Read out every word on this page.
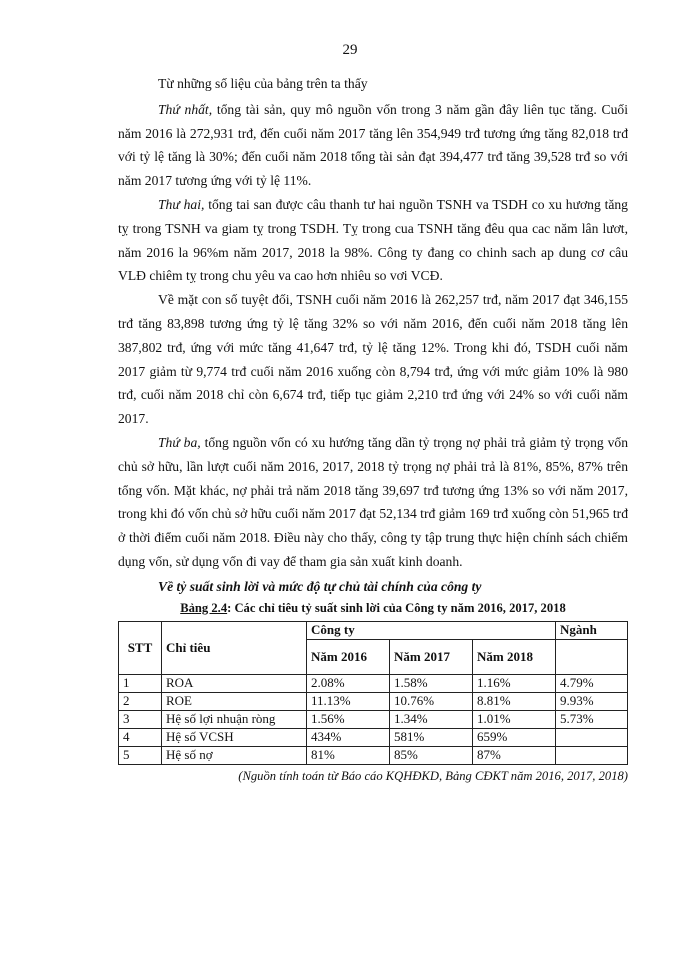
29

Từ những số liệu của bảng trên ta thấy

Thứ nhất, tổng tài sản, quy mô nguồn vốn trong 3 năm gần đây liên tục tăng. Cuối năm 2016 là 272,931 trđ, đến cuối năm 2017 tăng lên 354,949 trđ tương ứng tăng 82,018 trđ với tỷ lệ tăng là 30%; đến cuối năm 2018 tổng tài sản đạt 394,477 trđ tăng 39,528 trđ so với năm 2017 tương ứng với tỷ lệ 11%.

Thư hai, tổng tai san được câu thanh tư hai nguồn TSNH va TSDH co xu hương tăng tỵ trong TSNH va giam tỵ trong TSDH. Tỵ trong cua TSNH tăng đêu qua cac năm lân lươt, năm 2016 la 96%m năm 2017, 2018 la 98%. Công ty đang co chinh sach ap dung cơ câu VLĐ chiêm tỵ trong chu yêu va cao hơn nhiêu so vơi VCĐ.

Về mặt con số tuyệt đối, TSNH cuối năm 2016 là 262,257 trđ, năm 2017 đạt 346,155 trđ tăng 83,898 tương ứng tỷ lệ tăng 32% so với năm 2016, đến cuối năm 2018 tăng lên 387,802 trđ, ứng với mức tăng 41,647 trđ, tỷ lệ tăng 12%. Trong khi đó, TSDH cuối năm 2017 giảm từ 9,774 trđ cuối năm 2016 xuống còn 8,794 trđ, ứng với mức giảm 10% là 980 trđ, cuối năm 2018 chỉ còn 6,674 trđ, tiếp tục giảm 2,210 trđ ứng với 24% so với cuối năm 2017.

Thứ ba, tổng nguồn vốn có xu hướng tăng dần tỷ trọng nợ phải trả giảm tỷ trọng vốn chủ sở hữu, lần lượt cuối năm 2016, 2017, 2018 tỷ trọng nợ phải trả là 81%, 85%, 87% trên tổng vốn. Mặt khác, nợ phải trả năm 2018 tăng 39,697 trđ tương ứng 13% so với năm 2017, trong khi đó vốn chủ sở hữu cuối năm 2017 đạt 52,134 trđ giảm 169 trđ xuống còn 51,965 trđ ở thời điểm cuối năm 2018. Điều này cho thấy, công ty tập trung thực hiện chính sách chiếm dụng vốn, sử dụng vốn đi vay để tham gia sản xuất kinh doanh.

Về tỷ suất sinh lời và mức độ tự chủ tài chính của công ty
Bảng 2.4: Các chỉ tiêu tỷ suất sinh lời của Công ty năm 2016, 2017, 2018
STT	Chỉ tiêu	Công ty			Ngành
		Năm 2016	Năm 2017	Năm 2018	
1	ROA	2.08%	1.58%	1.16%	4.79%
2	ROE	11.13%	10.76%	8.81%	9.93%
3	Hệ số lợi nhuận ròng	1.56%	1.34%	1.01%	5.73%
4	Hệ số VCSH	434%	581%	659%	
5	Hệ số nợ	81%	85%	87%	
(Nguồn tính toán từ Báo cáo KQHĐKD, Bảng CĐKT năm 2016, 2017, 2018)
